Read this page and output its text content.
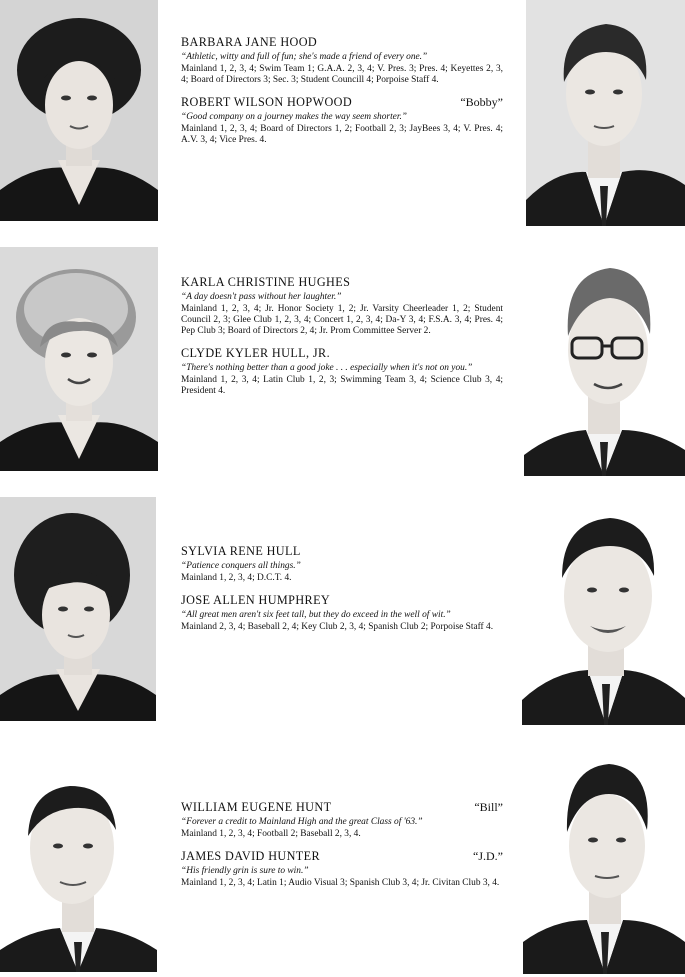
BARBARA JANE HOOD

“Athletic, witty and full of fun; she's made a friend of every one.”

Mainland 1, 2, 3, 4; Swim Team 1; G.A.A. 2, 3, 4; V. Pres. 3; Pres. 4; Keyettes 2, 3, 4; Board of Directors 3; Sec. 3; Student Councill 4; Porpoise Staff 4.

ROBERT WILSON HOPWOOD	“Bobby”

“Good company on a journey makes the way seem shorter.”

Mainland 1, 2, 3, 4; Board of Directors 1, 2; Football 2, 3; JayBees 3, 4; V. Pres. 4; A.V. 3, 4; Vice Pres. 4.

KARLA CHRISTINE HUGHES

“A day doesn't pass without her laughter.”

Mainland 1, 2, 3, 4; Jr. Honor Society 1, 2; Jr. Varsity Cheerleader 1, 2; Student Council 2, 3; Glee Club 1, 2, 3, 4; Concert 1, 2, 3, 4; Da-Y 3, 4; F.S.A. 3, 4; Pres. 4; Pep Club 3; Board of Directors 2, 4; Jr. Prom Committee Server 2.

CLYDE KYLER HULL, JR.

“There's nothing better than a good joke . . . especially when it's not on you.”

Mainland 1, 2, 3, 4; Latin Club 1, 2, 3; Swimming Team 3, 4; Science Club 3, 4; President 4.

SYLVIA RENE HULL

“Patience conquers all things.”

Mainland 1, 2, 3, 4; D.C.T. 4.

JOSE ALLEN HUMPHREY

“All great men aren't six feet tall, but they do exceed in the well of wit.”

Mainland 2, 3, 4; Baseball 2, 4; Key Club 2, 3, 4; Spanish Club 2; Porpoise Staff 4.

WILLIAM EUGENE HUNT	“Bill”

“Forever a credit to Mainland High and the great Class of '63.”

Mainland 1, 2, 3, 4; Football 2; Baseball 2, 3, 4.

JAMES DAVID HUNTER	“J.D.”

“His friendly grin is sure to win.”

Mainland 1, 2, 3, 4; Latin 1; Audio Visual 3; Spanish Club 3, 4; Jr. Civitan Club 3, 4.
